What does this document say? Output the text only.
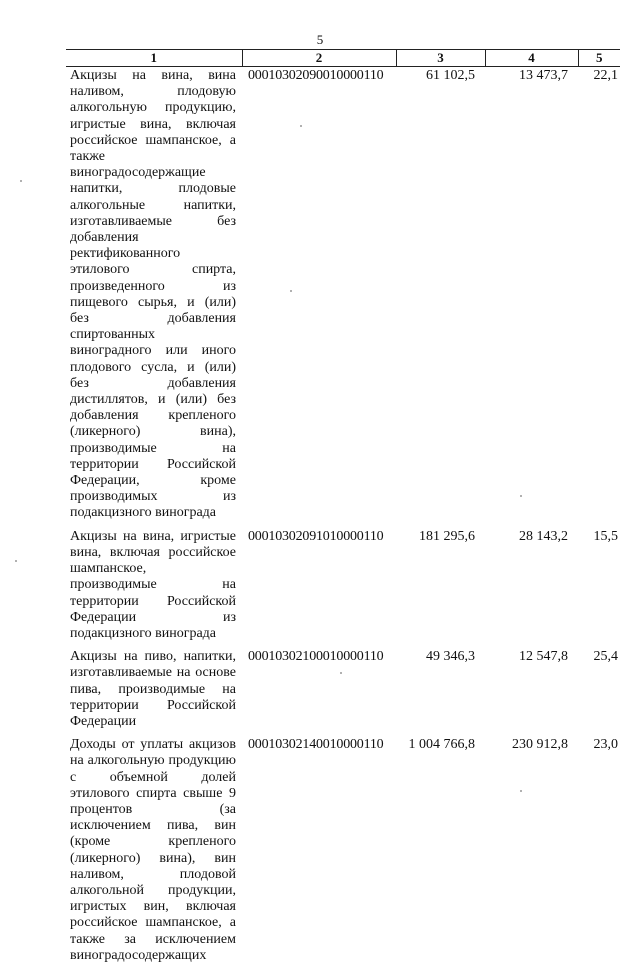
5
1	2	3	4	5
Акцизы на вина, вина наливом, плодовую алкогольную продукцию, игристые вина, включая российское шампанское, а также виноградосодержащие напитки, плодовые алкогольные напитки, изготавливаемые без добавления ректификованного этилового спирта, произведенного из пищевого сырья, и (или) без добавления спиртованных виноградного или иного плодового сусла, и (или) без добавления дистиллятов, и (или) без добавления крепленого (ликерного) вина), производимые на территории Российской Федерации, кроме производимых из подакцизного винограда	00010302090010000110	61 102,5	13 473,7	22,1
Акцизы на вина, игристые вина, включая российское шампанское, производимые на территории Российской Федерации из подакцизного винограда	00010302091010000110	181 295,6	28 143,2	15,5
Акцизы на пиво, напитки, изготавливаемые на основе пива, производимые на территории Российской Федерации	00010302100010000110	49 346,3	12 547,8	25,4
Доходы от уплаты акцизов на алкогольную продукцию с объемной долей этилового спирта свыше 9 процентов (за исключением пива, вин (кроме крепленого (ликерного) вина), вин наливом, плодовой алкогольной продукции, игристых вин, включая российское шампанское, а также за исключением виноградосодержащих	00010302140010000110	1 004 766,8	230 912,8	23,0
